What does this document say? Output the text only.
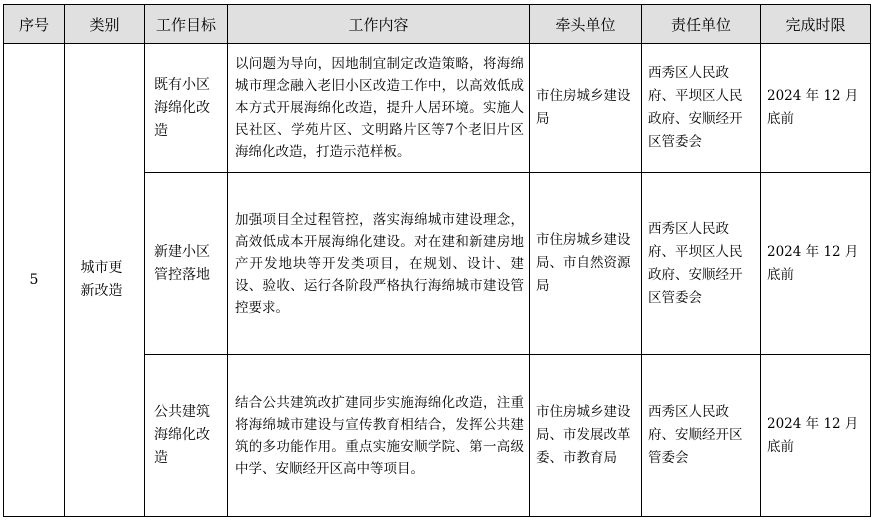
序号	类别	工作目标	工作内容	牵头单位	责任单位	完成时限
5	城市更新改造	既有小区海绵化改造	以问题为导向，因地制宜制定改造策略，将海绵城市理念融入老旧小区改造工作中，以高效低成本方式开展海绵化改造，提升人居环境。实施人民社区、学苑片区、文明路片区等7个老旧片区海绵化改造，打造示范样板。	市住房城乡建设局	西秀区人民政府、平坝区人民政府、安顺经开区管委会	2024 年 12 月底前
		新建小区管控落地	加强项目全过程管控，落实海绵城市建设理念，高效低成本开展海绵化建设。对在建和新建房地产开发地块等开发类项目，在规划、设计、建设、验收、运行各阶段严格执行海绵城市建设管控要求。	市住房城乡建设局、市自然资源局	西秀区人民政府、平坝区人民政府、安顺经开区管委会	2024 年 12 月底前
		公共建筑海绵化改造	结合公共建筑改扩建同步实施海绵化改造，注重将海绵城市建设与宣传教育相结合，发挥公共建筑的多功能作用。重点实施安顺学院、第一高级中学、安顺经开区高中等项目。	市住房城乡建设局、市发展改革委、市教育局	西秀区人民政府、安顺经开区管委会	2024 年 12 月底前
